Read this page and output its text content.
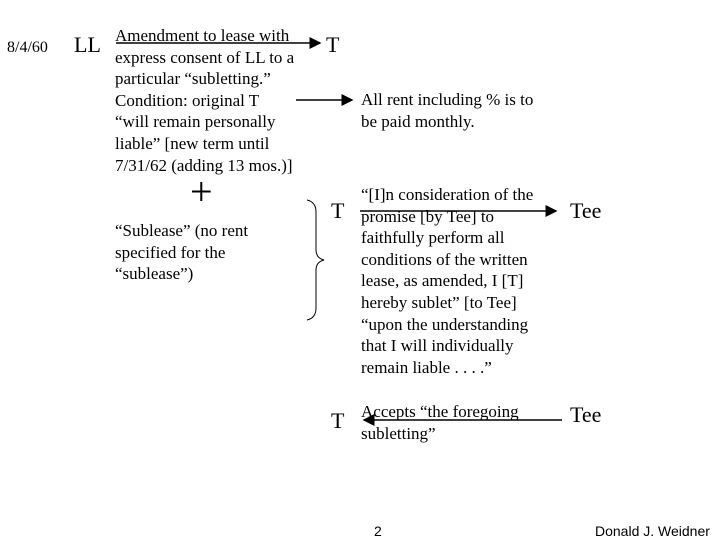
8/4/60 LL Amendment to lease with
express consent of LL to a
particular “subletting.”
Condition: original T
“will remain personally
liable” [new term until
7/31/62 (adding 13 mos.)]
T
All rent including % is to
be paid monthly.
+
“Sublease” (no rent
specified for the
“sublease”)
T
“[I]n consideration of the
promise [by Tee] to
faithfully perform all
conditions of the written
lease, as amended, I [T]
hereby sublet” [to Tee]
“upon the understanding
that I will individually
remain liable . . . .”
Tee
T Accepts “the foregoing
subletting”
Tee
2	Donald J. Weidner
